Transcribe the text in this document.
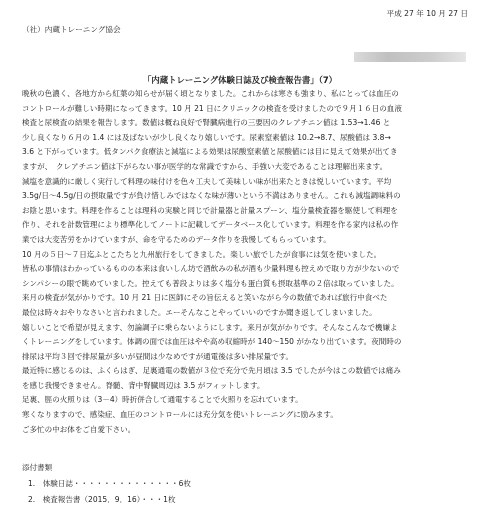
平成 27 年 10 月 27 日
（社）内蔵トレーニング協会
「内蔵トレーニング体験日誌及び検査報告書」（7）
晩秋の色濃く、各地方から紅葉の知らせが届く頃となりました。これからは寒さも強まり、私にとっては血圧の
コントロールが難しい時期になってきます。10 月 21 日にクリニックの検査を受けましたので９月１６日の血液
検査と尿検査の結果を報告します。数値は概ね良好で腎臓病進行の三要因のクレアチニン値は 1.53→1.46 と
少し良くなり６月の 1.4 には及ばないが少し良くなり嬉しいです。尿素窒素値は 10.2→8.7、尿酸値は 3.8→
3.6 と下がっています。低タンパク食療法と減塩による効果は尿酸窒素値と尿酸値には目に見えて効果が出てき
ますが、　クレアチニン値は下がらない事が医学的な常識ですから、手強い大変であることは理解出来ます。
減塩を意識的に厳しく実行して料理の味付けを色々工夫して美味しい味が出来たときは悦しいています。平均
3.5g/日～4.5g/日の摂取量ですが負け惜しみではなくな味が薄いという不満はありません。これも減塩調味料の
お陰と思います。料理を作ることは理科の実験と同じで計量器と計量スプーン、塩分量検査器を駆使して料理を
作り、それを計数管理により標準化してノートに記載してデータベース化しています。料理を作る家内は私の作
業では大変苦労をかけていますが、命を守るためのデータ作りを我慢してもらっています。
10 月の５日～７日迄ふとこたちと九州旅行をしてきました。楽しい旅でしたが食事には気を使いました。
皆私の事情はわかっているものの本来は食いしん坊で酒飲みの私が酒も少量料理も控えめで取り方が少ないので
シンパシーの眼で眺めていました。控えても普段よりは多く塩分も蛋白質も摂取基準の２倍は取っていました。
来月の検査が気がかりです。10 月 21 日に医師にその旨伝えると笑いながら今の数値であれば旅行中食べた
最位は時々おやりなさいと言われました。エーそんなことやっていいのですか聞き返してしまいました。
嬉しいことで希望が見えます、勿論調子に乗らないようにします。来月が気がかりです。そんなこんなで機嫌よ
くトレーニングをしています。体調の面では血圧はやや高め収縮時が 140～150 がかなり出ています。夜間時の
排尿は平均３回で排尿量が多いが昼間は少なめですが通電後は多い排尿量です。
最近特に感じるのは、ふくらはぎ、足裏通電の数値が３位で充分で先月頃は 3.5 でしたが今はこの数値では痛み
を感じ我慢できません。脊髄、背中腎臓周辺は 3.5 がフィットします。
足裏、脛の火照りは（3－4）時折併合して通電することで火照りを忘れています。
寒くなりますので、感染症、血圧のコントロールには充分気を使いトレーニングに励みます。
ご多忙の中お体をご自愛下さい。
添付書類
1.　体験日誌・・・・・・・・・・・・・・6枚
2.　検査報告書（2015．9．16）・・・1枚
